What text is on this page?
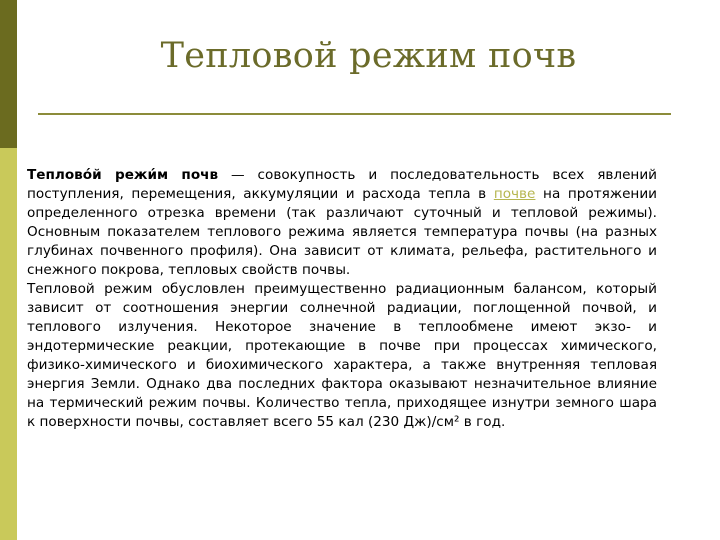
Тепловой режим почв

Теплово́й режи́м почв — совокупность и последовательность всех явлений поступления, перемещения, аккумуляции и расхода тепла в почве на протяжении определенного отрезка времени (так различают суточный и тепловой режимы). Основным показателем теплового режима является температура почвы (на разных глубинах почвенного профиля). Она зависит от климата, рельефа, растительного и снежного покрова, тепловых свойств почвы.

Тепловой режим обусловлен преимущественно радиационным балансом, который зависит от соотношения энергии солнечной радиации, поглощенной почвой, и теплового излучения. Некоторое значение в теплообмене имеют экзо- и эндотермические реакции, протекающие в почве при процессах химического, физико-химического и биохимического характера, а также внутренняя тепловая энергия Земли. Однако два последних фактора оказывают незначительное влияние на термический режим почвы. Количество тепла, приходящее изнутри земного шара к поверхности почвы, составляет всего 55 кал (230 Дж)/см² в год.
